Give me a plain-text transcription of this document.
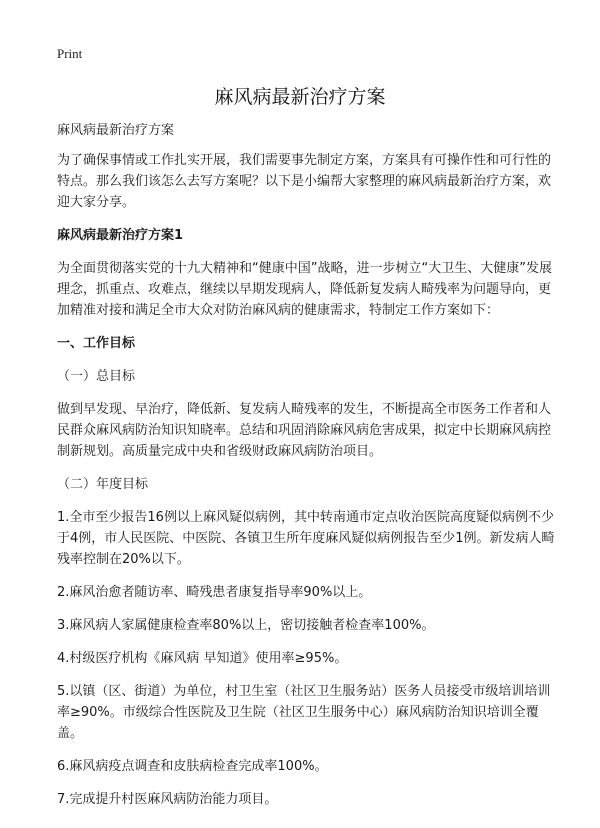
Print
麻风病最新治疗方案

麻风病最新治疗方案

为了确保事情或工作扎实开展，我们需要事先制定方案，方案具有可操作性和可行性的特点。那么我们该怎么去写方案呢？以下是小编帮大家整理的麻风病最新治疗方案，欢迎大家分享。

麻风病最新治疗方案1

为全面贯彻落实党的十九大精神和“健康中国”战略，进一步树立“大卫生、大健康”发展理念，抓重点、攻难点，继续以早期发现病人，降低新复发病人畸残率为问题导向，更加精准对接和满足全市大众对防治麻风病的健康需求，特制定工作方案如下：

一、工作目标

（一）总目标

做到早发现、早治疗，降低新、复发病人畸残率的发生，不断提高全市医务工作者和人民群众麻风病防治知识知晓率。总结和巩固消除麻风病危害成果，拟定中长期麻风病控制新规划。高质量完成中央和省级财政麻风病防治项目。

（二）年度目标

1.全市至少报告16例以上麻风疑似病例，其中转南通市定点收治医院高度疑似病例不少于4例，市人民医院、中医院、各镇卫生所年度麻风疑似病例报告至少1例。新发病人畸残率控制在20%以下。

2.麻风治愈者随访率、畸残患者康复指导率90%以上。

3.麻风病人家属健康检查率80%以上，密切接触者检查率100%。

4.村级医疗机构《麻风病 早知道》使用率≥95%。

5.以镇（区、街道）为单位，村卫生室（社区卫生服务站）医务人员接受市级培训培训率≥90%。市级综合性医院及卫生院（社区卫生服务中心）麻风病防治知识培训全覆盖。

6.麻风病疫点调查和皮肤病检查完成率100%。

7.完成提升村医麻风病防治能力项目。
